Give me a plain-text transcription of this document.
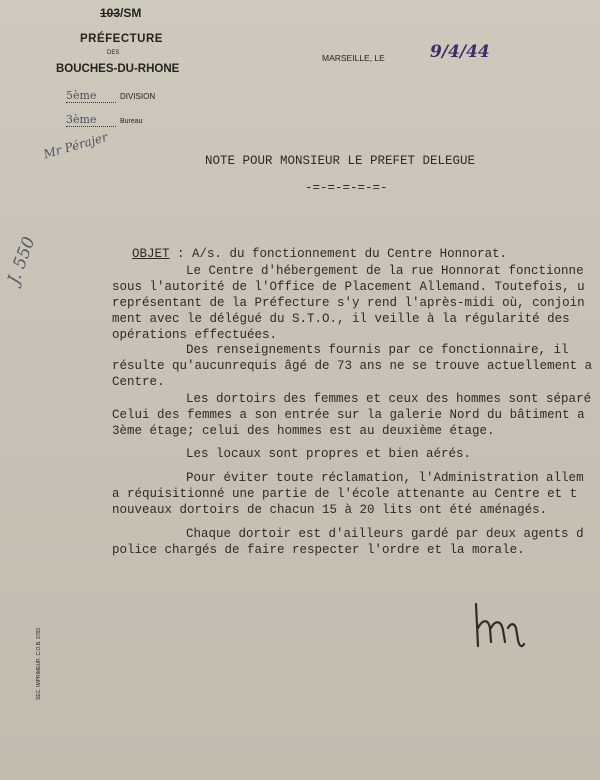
103/SM
PRÉFECTURE
DES
BOUCHES-DU-RHONE
5ème	DIVISION
3ème	Bureau
MARSEILLE, LE	9/4/44
Mr Pérajer
J. 550
NOTE POUR MONSIEUR LE PREFET DELEGUE
-=-=-=-=-=-

OBJET : A/s. du fonctionnement du Centre Honnorat.

Le Centre d'hébergement de la rue Honnorat fonctionne
sous l'autorité de l'Office de Placement Allemand. Toutefois, u
représentant de la Préfecture s'y rend l'après-midi où, conjoin
ment avec le délégué du S.T.O., il veille à la régularité des
opérations effectuées.
Des renseignements fournis par ce fonctionnaire, il
résulte qu'aucunrequis âgé de 73 ans ne se trouve actuellement a
Centre.
Les dortoirs des femmes et ceux des hommes sont séparé
Celui des femmes a son entrée sur la galerie Nord du bâtiment a
3ème étage; celui des hommes est au deuxième étage.
Les locaux sont propres et bien aérés.
Pour éviter toute réclamation, l'Administration allem
a réquisitionné une partie de l'école attenante au Centre et t
nouveaux dortoirs de chacun 15 à 20 lits ont été aménagés.
Chaque dortoir est d'ailleurs gardé par deux agents d
police chargés de faire respecter l'ordre et la morale.
SEC. IMPRIMEUR. C.O.B. 3783
